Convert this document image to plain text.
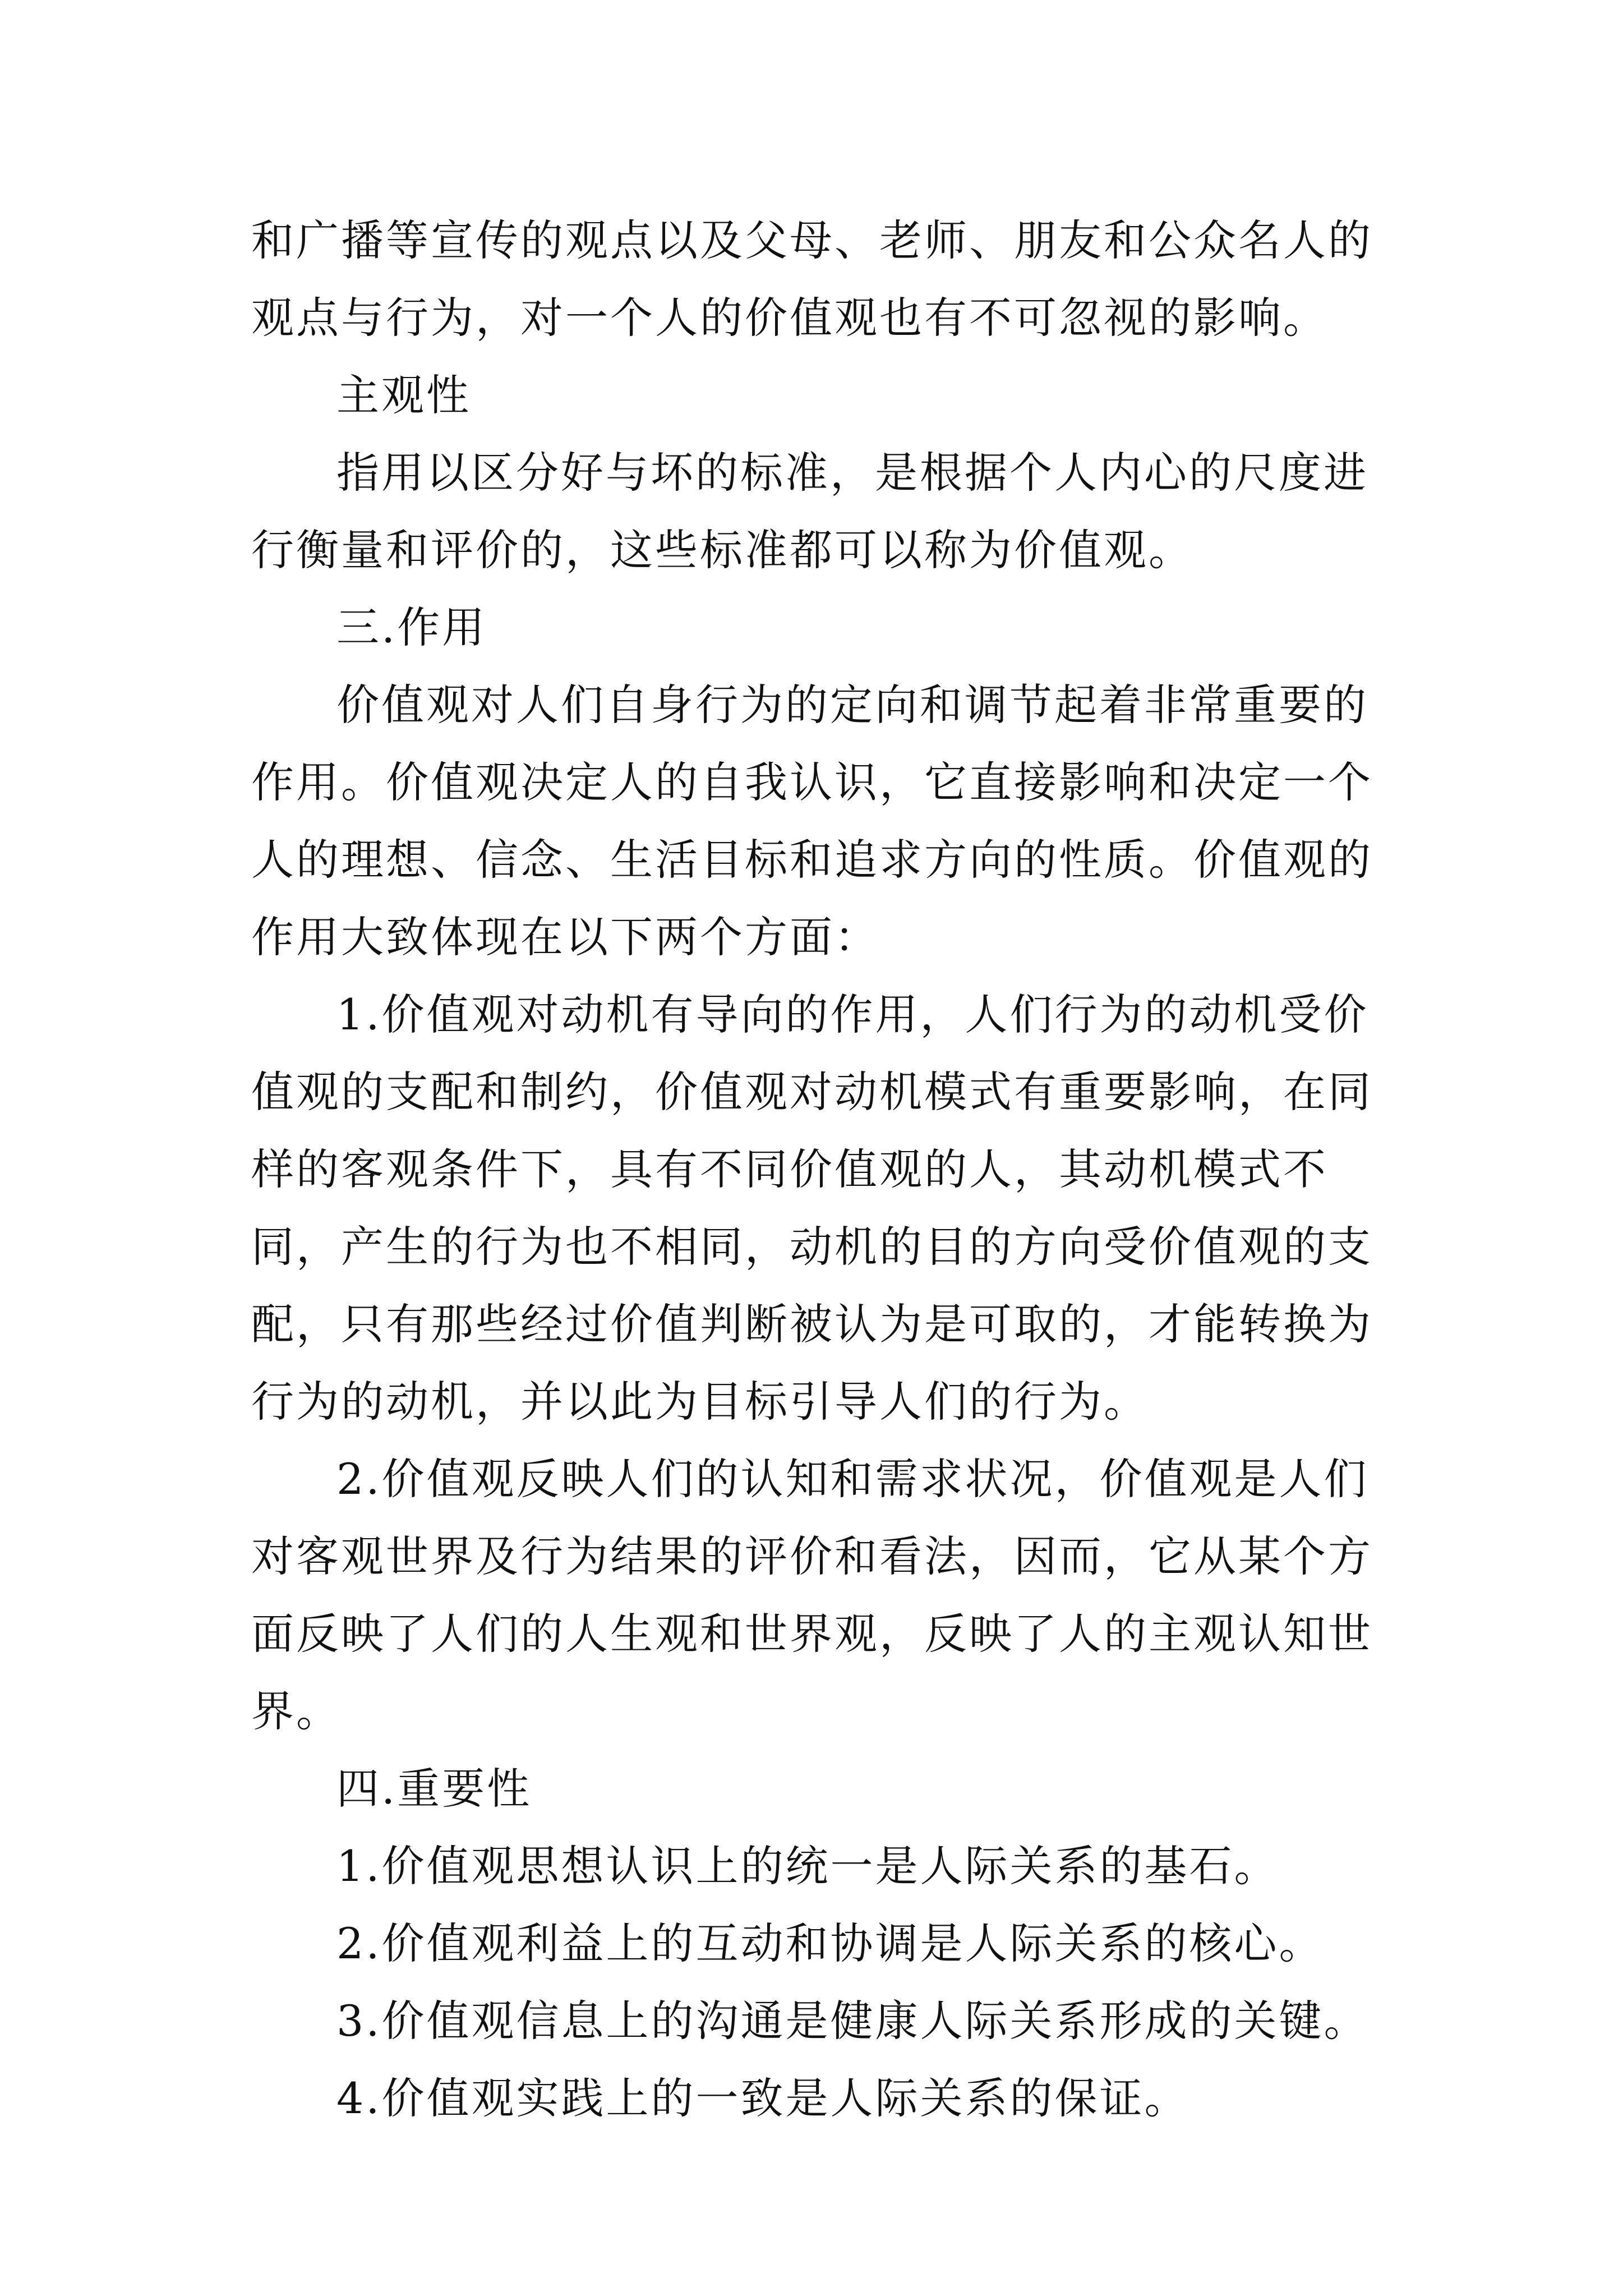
和广播等宣传的观点以及父母、老师、朋友和公众名人的观点与行为，对一个人的价值观也有不可忽视的影响。

主观性

指用以区分好与坏的标准，是根据个人内心的尺度进行衡量和评价的，这些标准都可以称为价值观。

三.作用

价值观对人们自身行为的定向和调节起着非常重要的作用。价值观决定人的自我认识，它直接影响和决定一个人的理想、信念、生活目标和追求方向的性质。价值观的作用大致体现在以下两个方面：

1.价值观对动机有导向的作用，人们行为的动机受价值观的支配和制约，价值观对动机模式有重要影响，在同样的客观条件下，具有不同价值观的人，其动机模式不同，产生的行为也不相同，动机的目的方向受价值观的支配，只有那些经过价值判断被认为是可取的，才能转换为行为的动机，并以此为目标引导人们的行为。

2.价值观反映人们的认知和需求状况，价值观是人们对客观世界及行为结果的评价和看法，因而，它从某个方面反映了人们的人生观和世界观，反映了人的主观认知世界。

四.重要性

1.价值观思想认识上的统一是人际关系的基石。

2.价值观利益上的互动和协调是人际关系的核心。

3.价值观信息上的沟通是健康人际关系形成的关键。

4.价值观实践上的一致是人际关系的保证。
